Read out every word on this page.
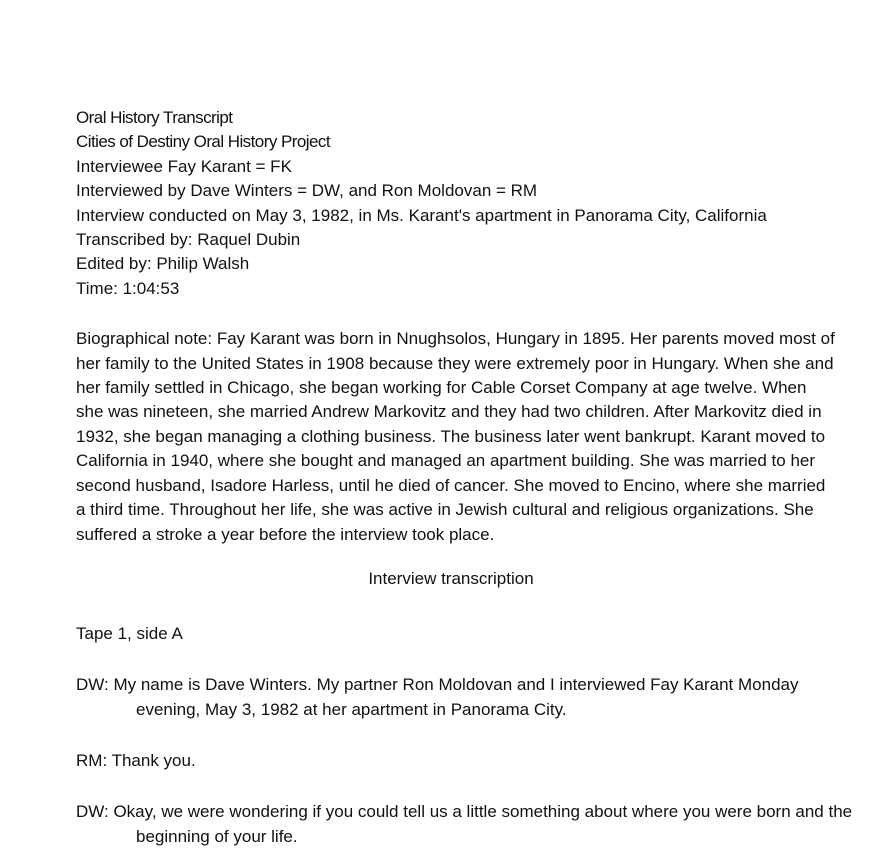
Oral History Transcript
Cities of Destiny Oral History Project
Interviewee Fay Karant = FK
Interviewed by Dave Winters = DW, and Ron Moldovan = RM
Interview conducted on May 3, 1982, in Ms. Karant's apartment in Panorama City, California
Transcribed by: Raquel Dubin
Edited by: Philip Walsh
Time: 1:04:53

Biographical note: Fay Karant was born in Nnughsolos, Hungary in 1895. Her parents moved most of her family to the United States in 1908 because they were extremely poor in Hungary. When she and her family settled in Chicago, she began working for Cable Corset Company at age twelve. When she was nineteen, she married Andrew Markovitz and they had two children. After Markovitz died in 1932, she began managing a clothing business. The business later went bankrupt. Karant moved to California in 1940, where she bought and managed an apartment building. She was married to her second husband, Isadore Harless, until he died of cancer. She moved to Encino, where she married a third time. Throughout her life, she was active in Jewish cultural and religious organizations. She suffered a stroke a year before the interview took place.

Interview transcription
Tape 1, side A
DW: My name is Dave Winters. My partner Ron Moldovan and I interviewed Fay Karant Monday evening, May 3, 1982 at her apartment in Panorama City.
RM: Thank you.
DW: Okay, we were wondering if you could tell us a little something about where you were born and the beginning of your life.
